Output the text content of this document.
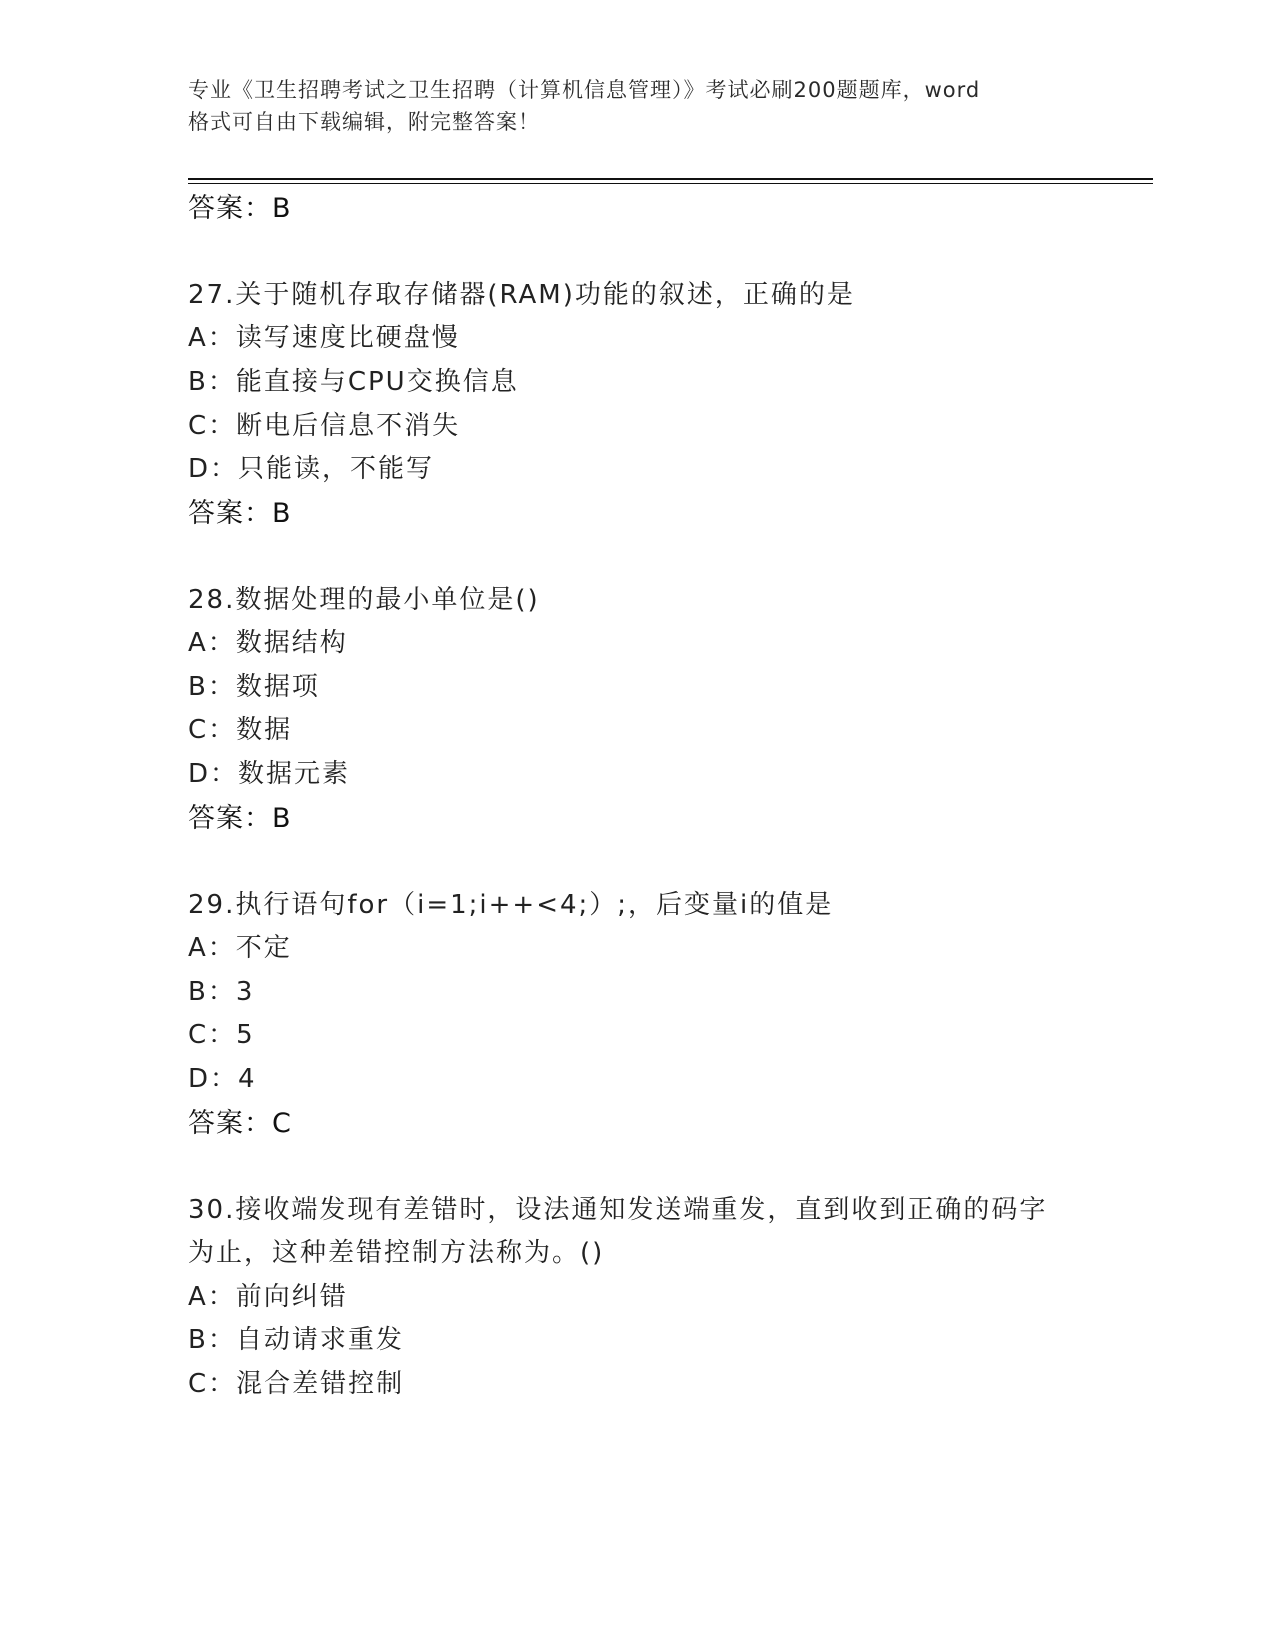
专业《卫生招聘考试之卫生招聘（计算机信息管理）》考试必刷200题题库，word
格式可自由下载编辑，附完整答案！
答案：B
27.关于随机存取存储器(RAM)功能的叙述，正确的是
A：读写速度比硬盘慢
B：能直接与CPU交换信息
C：断电后信息不消失
D：只能读，不能写
答案：B
28.数据处理的最小单位是()
A：数据结构
B：数据项
C：数据
D：数据元素
答案：B
29.执行语句for（i=1;i++<4;）;，后变量i的值是
A：不定
B：3
C：5
D：4
答案：C
30.接收端发现有差错时，设法通知发送端重发，直到收到正确的码字
为止，这种差错控制方法称为。()
A：前向纠错
B：自动请求重发
C：混合差错控制
